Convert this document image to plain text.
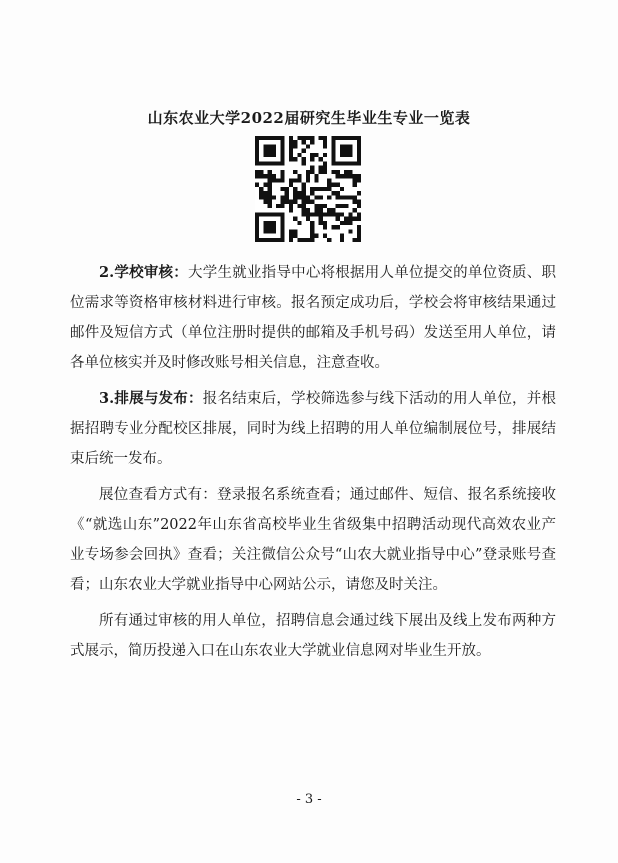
山东农业大学2022届研究生毕业生专业一览表

2.学校审核：大学生就业指导中心将根据用人单位提交的单位资质、职位需求等资格审核材料进行审核。报名预定成功后，学校会将审核结果通过邮件及短信方式（单位注册时提供的邮箱及手机号码）发送至用人单位，请各单位核实并及时修改账号相关信息，注意查收。

3.排展与发布：报名结束后，学校筛选参与线下活动的用人单位，并根据招聘专业分配校区排展，同时为线上招聘的用人单位编制展位号，排展结束后统一发布。

展位查看方式有：登录报名系统查看；通过邮件、短信、报名系统接收《“就选山东”2022年山东省高校毕业生省级集中招聘活动现代高效农业产业专场参会回执》查看；关注微信公众号“山农大就业指导中心”登录账号查看；山东农业大学就业指导中心网站公示，请您及时关注。

所有通过审核的用人单位，招聘信息会通过线下展出及线上发布两种方式展示，简历投递入口在山东农业大学就业信息网对毕业生开放。

- 3 -
